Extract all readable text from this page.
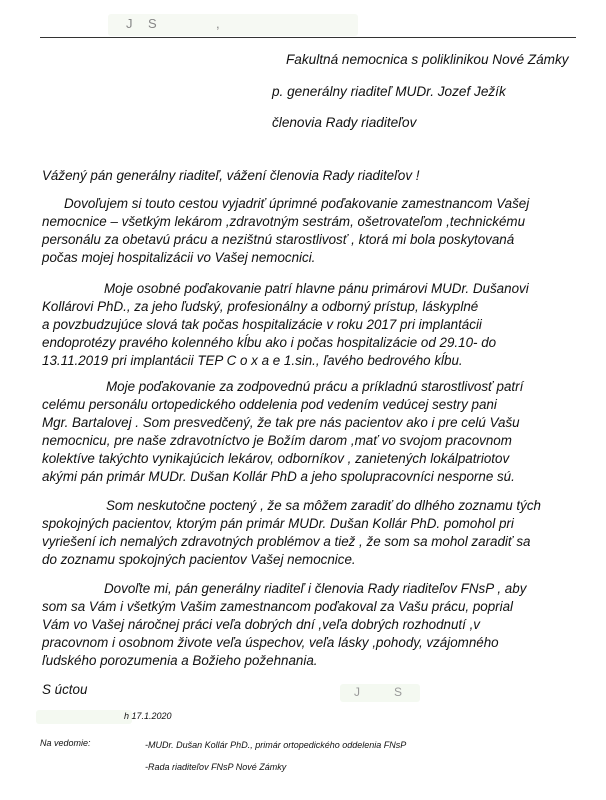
J S	,
Fakultná nemocnica s poliklinikou Nové Zámky
p. generálny riaditeľ MUDr. Jozef Ježík
členovia Rady riaditeľov
Vážený pán generálny riaditeľ, vážení členovia Rady riaditeľov !
Dovoľujem si touto cestou vyjadriť úprimné poďakovanie zamestnancom Vašej
nemocnice – všetkým lekárom ,zdravotným sestrám, ošetrovateľom ,technickému
personálu za obetavú prácu a nezištnú starostlivosť , ktorá mi bola poskytovaná
počas mojej hospitalizácii vo Vašej nemocnici.
Moje osobné poďakovanie patrí hlavne pánu primárovi MUDr. Dušanovi
Kollárovi PhD., za jeho ľudský, profesionálny a odborný prístup, láskyplné
a povzbudzujúce slová tak počas hospitalizácie v roku 2017 pri implantácii
endoprotézy pravého kolenného kĺbu ako i počas hospitalizácie od 29.10- do
13.11.2019 pri implantácii TEP C o x a e 1.sin., ľavého bedrového kĺbu.
Moje poďakovanie za zodpovednú prácu a príkladnú starostlivosť patrí
celému personálu ortopedického oddelenia pod vedením vedúcej sestry pani
Mgr. Bartalovej . Som presvedčený, že tak pre nás pacientov ako i pre celú Vašu
nemocnicu, pre naše zdravotníctvo je Božím darom ,mať vo svojom pracovnom
kolektíve takýchto vynikajúcich lekárov, odborníkov , zanietených lokálpatriotov
akými pán primár MUDr. Dušan Kollár PhD a jeho spolupracovníci nesporne sú.
Som neskutočne poctený , že sa môžem zaradiť do dlhého zoznamu tých
spokojných pacientov, ktorým pán primár MUDr. Dušan Kollár PhD. pomohol pri
vyriešení ich nemalých zdravotných problémov a tiež , že som sa mohol zaradiť sa
do zoznamu spokojných pacientov Vašej nemocnice.
Dovoľte mi, pán generálny riaditeľ i členovia Rady riaditeľov FNsP , aby
som sa Vám i všetkým Vašim zamestnancom poďakoval za Vašu prácu, poprial
Vám vo Vašej náročnej práci veľa dobrých dní ,veľa dobrých rozhodnutí ,v
pracovnom i osobnom živote veľa úspechov, veľa lásky ,pohody, vzájomného
ľudského porozumenia a Božieho požehnania.
S úctou	J	S
h 17.1.2020
Na vedomie:	-MUDr. Dušan Kollár PhD., primár ortopedického oddelenia FNsP
-Rada riaditeľov FNsP Nové Zámky
